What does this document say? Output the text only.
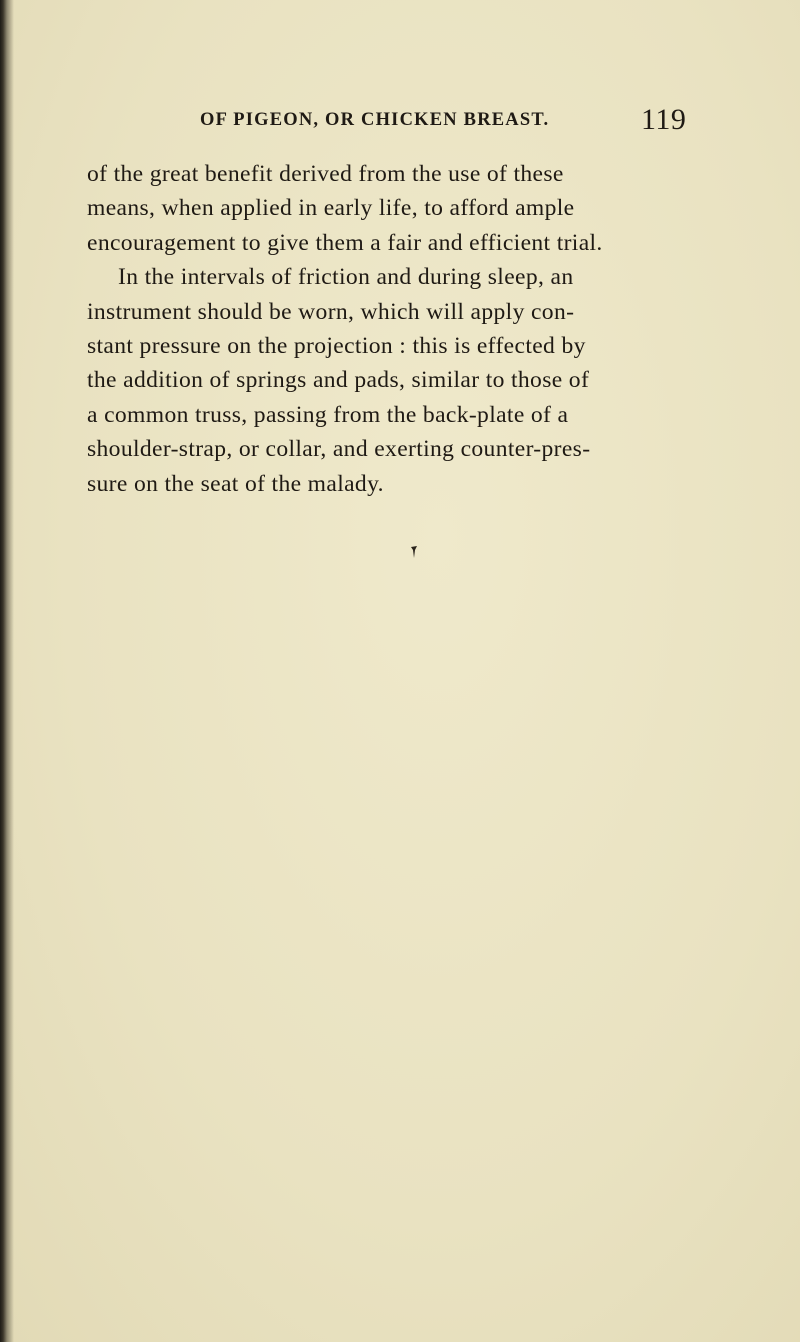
OF PIGEON, OR CHICKEN BREAST.	119
of the great benefit derived from the use of these
means, when applied in early life, to afford ample
encouragement to give them a fair and efficient trial.
In the intervals of friction and during sleep, an
instrument should be worn, which will apply con-
stant pressure on the projection : this is effected by
the addition of springs and pads, similar to those of
a common truss, passing from the back-plate of a
shoulder-strap, or collar, and exerting counter-pres-
sure on the seat of the malady.
